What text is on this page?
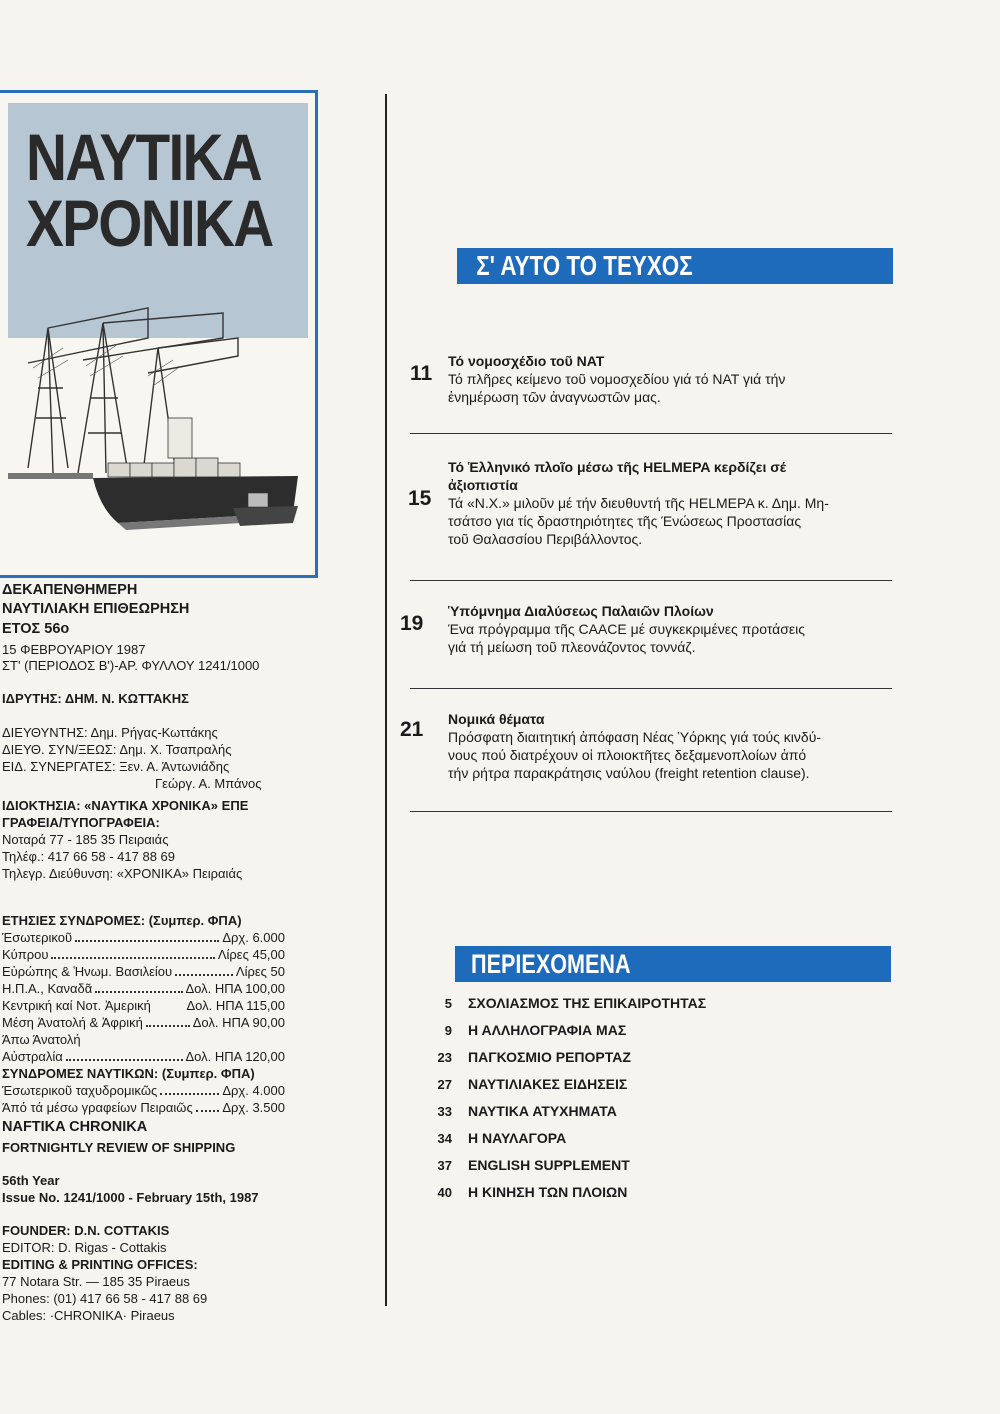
ΝΑΥΤΙΚΑ
ΧΡΟΝΙΚΑ
ΔΕΚΑΠΕΝΘΗΜΕΡΗ
ΝΑΥΤΙΛΙΑΚΗ ΕΠΙΘΕΩΡΗΣΗ
ΕΤΟΣ 56ο
15 ΦΕΒΡΟΥΑΡΙΟΥ 1987
ΣΤ' (ΠΕΡΙΟΔΟΣ Β')-ΑΡ. ΦΥΛΛΟΥ 1241/1000
ΙΔΡΥΤΗΣ: ΔΗΜ. Ν. ΚΩΤΤΑΚΗΣ
ΔΙΕΥΘΥΝΤΗΣ: Δημ. Ρήγας-Κωττάκης
ΔΙΕΥΘ. ΣΥΝ/ΞΕΩΣ: Δημ. Χ. Τσαπραλής
ΕΙΔ. ΣΥΝΕΡΓΑΤΕΣ: Ξεν. Α. Άντωνιάδης
Γεώργ. Α. Μπάνος
ΙΔΙΟΚΤΗΣΙΑ: «ΝΑΥΤΙΚΑ ΧΡΟΝΙΚΑ» ΕΠΕ
ΓΡΑΦΕΙΑ/ΤΥΠΟΓΡΑΦΕΙΑ:
Νοταρά 77 - 185 35 Πειραιάς
Τηλέφ.: 417 66 58 - 417 88 69
Τηλεγρ. Διεύθυνση: «ΧΡΟΝΙΚΑ» Πειραιάς
ΕΤΗΣΙΕΣ ΣΥΝΔΡΟΜΕΣ: (Συμπερ. ΦΠΑ)
Έσωτερικοῦ	Δρχ. 6.000
Κύπρου	Λίρες 45,00
Εὐρώπης & Ἡνωμ. Βασιλείου	Λίρες 50
Η.Π.Α., Καναδᾶ	Δολ. ΗΠΑ 100,00
Κεντρική καί Νοτ. Ἀμερική	Δολ. ΗΠΑ 115,00
Μέση Ἀνατολή & Ἀφρική	Δολ. ΗΠΑ 90,00
Άπω Άνατολή
Αὐστραλία	Δολ. ΗΠΑ 120,00
ΣΥΝΔΡΟΜΕΣ ΝΑΥΤΙΚΩΝ: (Συμπερ. ΦΠΑ)
Έσωτερικοῦ ταχυδρομικῶς	Δρχ. 4.000
Άπό τά μέσω γραφείων Πειραιῶς Δρχ. 3.500
NAFTIKA CHRONIKA
FORTNIGHTLY REVIEW OF SHIPPING
56th Year
Issue No. 1241/1000 - February 15th, 1987
FOUNDER: D.N. COTTAKIS
EDITOR: D. Rigas - Cottakis
EDITING & PRINTING OFFICES:
77 Notara Str. — 185 35 Piraeus
Phones: (01) 417 66 58 - 417 88 69
Cables: ·CHRONIKA· Piraeus
Σ' ΑΥΤΟ ΤΟ ΤΕΥΧΟΣ
11
Τό νομοσχέδιο τοῦ ΝΑΤ
Τό πλῆρες κείμενο τοῦ νομοσχεδίου γιά τό ΝΑΤ γιά τήν
ἐνημέρωση τῶν ἀναγνωστῶν μας.
Τό Ἑλληνικό πλοῖο μέσω τῆς HELMEPA κερδίζει σέ
ἀξιοπιστία
15 Τά «Ν.Χ.» μιλοῦν μέ τήν διευθυντή τῆς HELMEPA κ. Δημ. Μη-
τσάτσο για τίς δραστηριότητες τῆς Ένώσεως Προστασίας
τοῦ Θαλασσίου Περιβάλλοντος.
Ὑπόμνημα Διαλύσεως Παλαιῶν Πλοίων
19 Ένα πρόγραμμα τῆς CAACE μέ συγκεκριμένες προτάσεις
γιά τή μείωση τοῦ πλεονάζοντος τοννάζ.
Νομικά θέματα
21 Πρόσφατη διαιτητική ἀπόφαση Νέας Ὑόρκης γιά τούς κινδύ-
νους πού διατρέχουν οἱ πλοιοκτῆτες δεξαμενοπλοίων ἀπό
τήν ρήτρα παρακράτησις ναύλου (freight retention clause).
ΠΕΡΙΕΧΟΜΕΝΑ
5 ΣΧΟΛΙΑΣΜΟΣ ΤΗΣ ΕΠΙΚΑΙΡΟΤΗΤΑΣ
9 Η ΑΛΛΗΛΟΓΡΑΦΙΑ ΜΑΣ
23 ΠΑΓΚΟΣΜΙΟ ΡΕΠΟΡΤΑΖ
27 ΝΑΥΤΙΛΙΑΚΕΣ ΕΙΔΗΣΕΙΣ
33 ΝΑΥΤΙΚΑ ΑΤΥΧΗΜΑΤΑ
34 Η ΝΑΥΛΑΓΟΡΑ
37 ENGLISH SUPPLEMENT
40 Η ΚΙΝΗΣΗ ΤΩΝ ΠΛΟΙΩΝ
